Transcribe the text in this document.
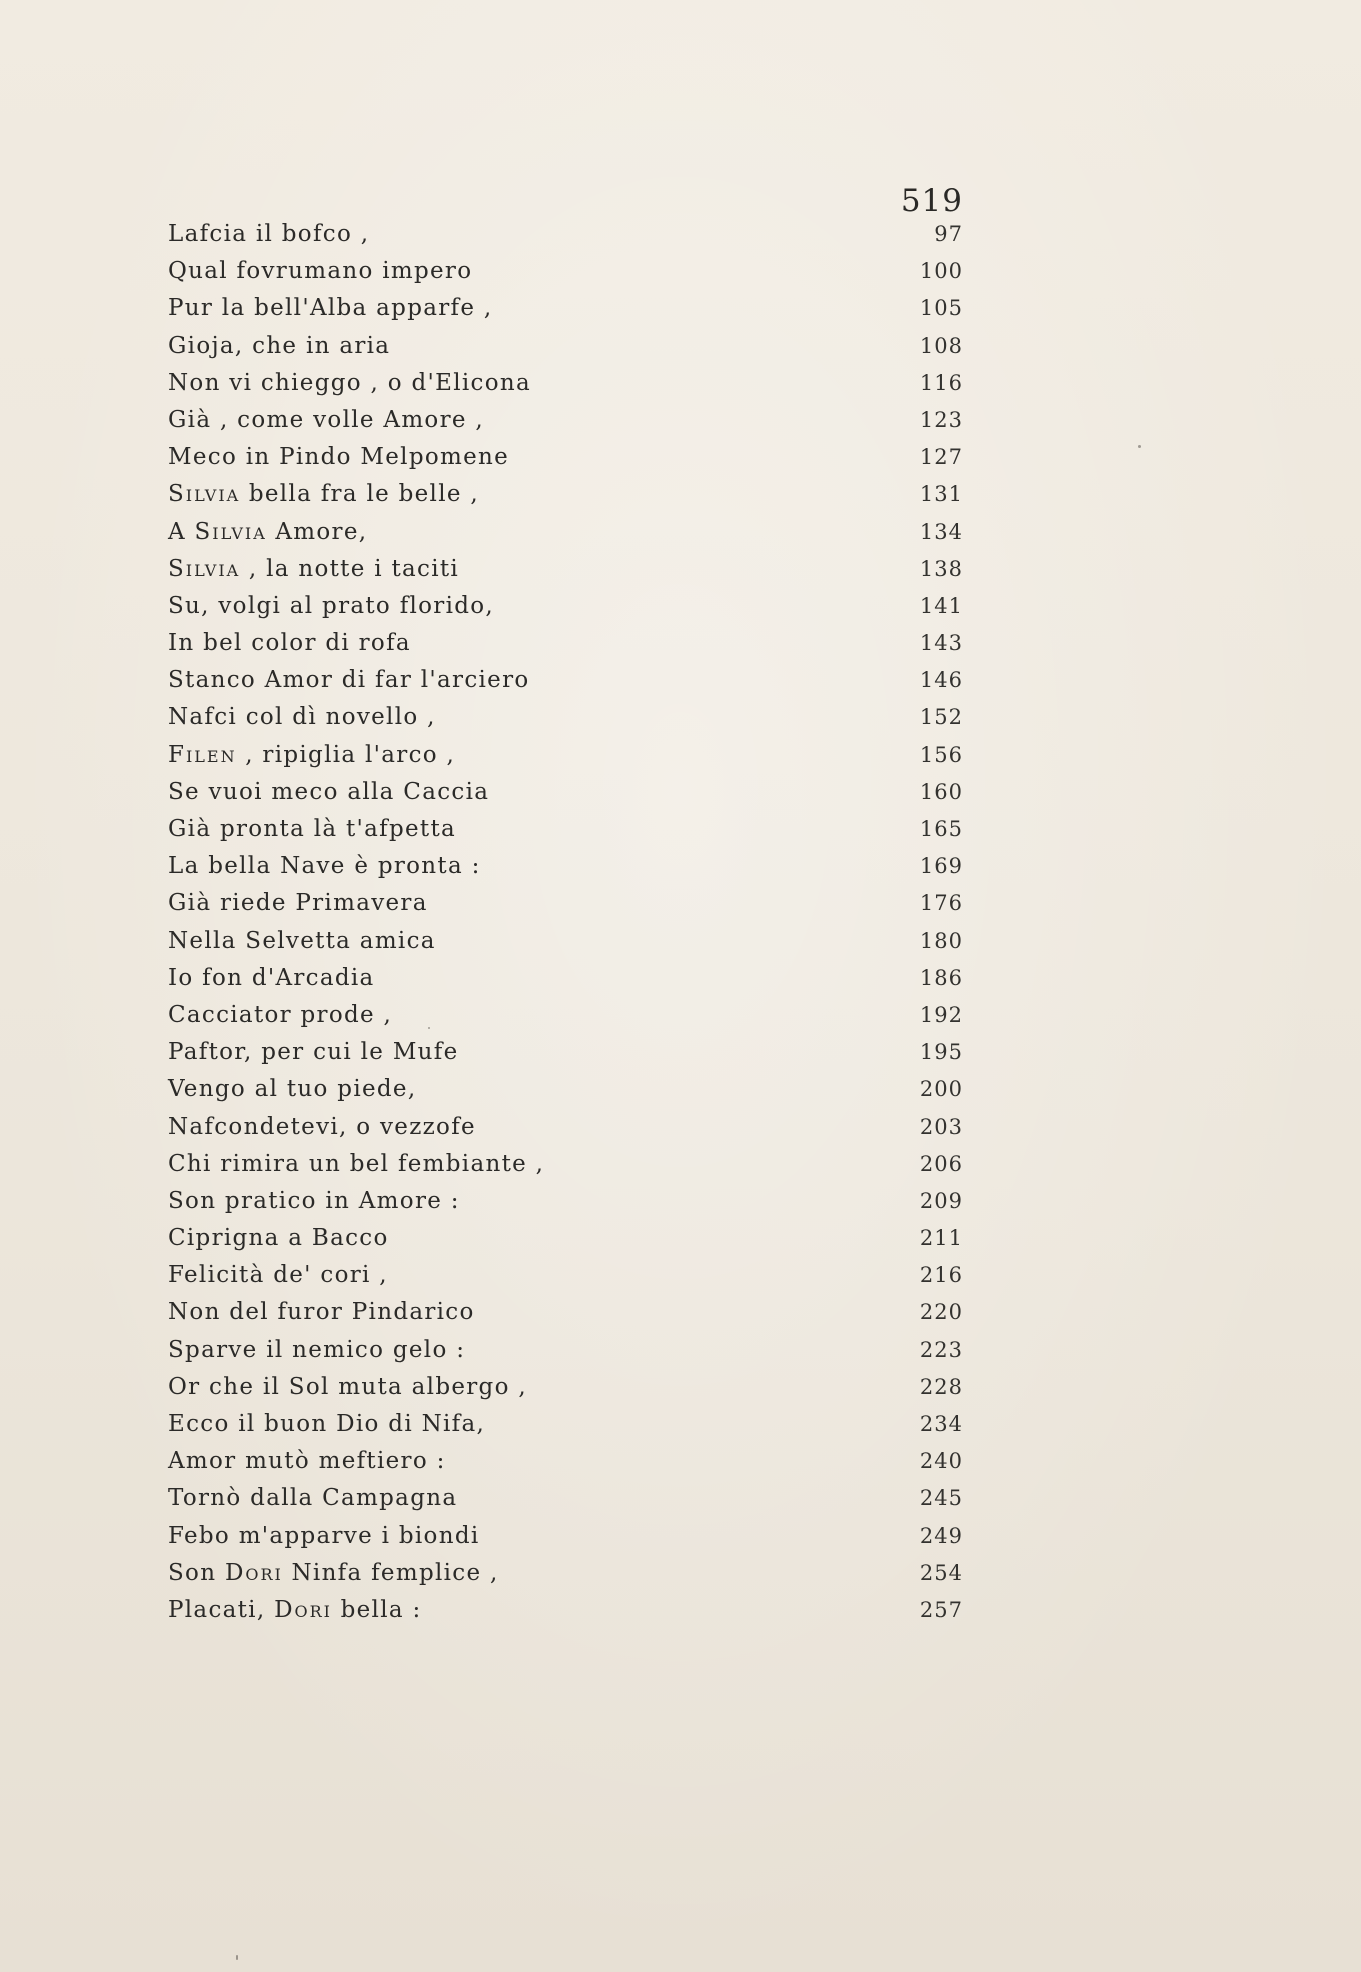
519
Lafcia il bofco ,	97
Qual fovrumano impero	100
Pur la bell'Alba apparfe ,	105
Gioja, che in aria	108
Non vi chieggo , o d'Elicona	116
Già , come volle Amore ,	123
Meco in Pindo Melpomene	127
Silvia bella fra le belle ,	131
A Silvia Amore,	134
Silvia , la notte i taciti	138
Su, volgi al prato florido,	141
In bel color di rofa	143
Stanco Amor di far l'arciero	146
Nafci col dì novello ,	152
Filen , ripiglia l'arco ,	156
Se vuoi meco alla Caccia	160
Già pronta là t'afpetta	165
La bella Nave è pronta :	169
Già riede Primavera	176
Nella Selvetta amica	180
Io fon d'Arcadia	186
Cacciator prode ,	192
Paftor, per cui le Mufe	195
Vengo al tuo piede,	200
Nafcondetevi, o vezzofe	203
Chi rimira un bel fembiante ,	206
Son pratico in Amore :	209
Ciprigna a Bacco	211
Felicità de' cori ,	216
Non del furor Pindarico	220
Sparve il nemico gelo :	223
Or che il Sol muta albergo ,	228
Ecco il buon Dio di Nifa,	234
Amor mutò meftiero :	240
Tornò dalla Campagna	245
Febo m'apparve i biondi	249
Son Dori Ninfa femplice ,	254
Placati, Dori bella :	257
